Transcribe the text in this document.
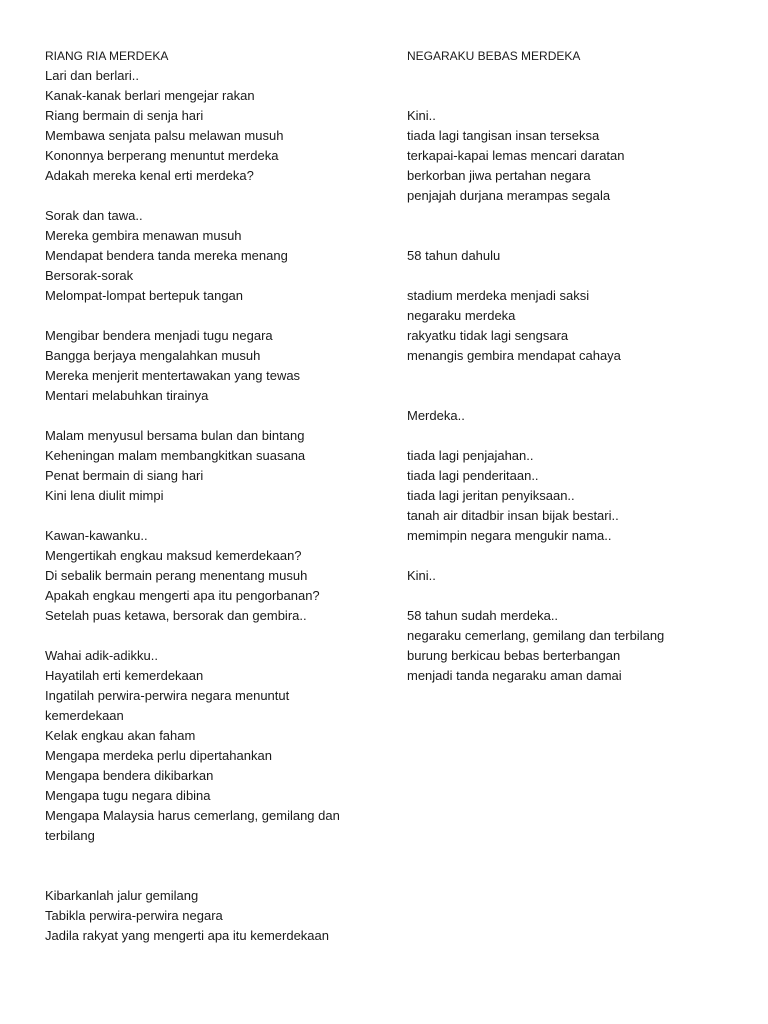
RIANG RIA MERDEKA
Lari dan berlari..
Kanak-kanak berlari mengejar rakan
Riang bermain di senja hari
Membawa senjata palsu melawan musuh
Kononnya berperang menuntut merdeka
Adakah mereka kenal erti merdeka?
Sorak dan tawa..
Mereka gembira menawan musuh
Mendapat bendera tanda mereka menang
Bersorak-sorak
Melompat-lompat bertepuk tangan
Mengibar bendera menjadi tugu negara
Bangga berjaya mengalahkan musuh
Mereka menjerit mentertawakan yang tewas
Mentari melabuhkan tirainya
Malam menyusul bersama bulan dan bintang
Keheningan malam membangkitkan suasana
Penat bermain di siang hari
Kini lena diulit mimpi
Kawan-kawanku..
Mengertikah engkau maksud kemerdekaan?
Di sebalik bermain perang menentang musuh
Apakah engkau mengerti apa itu pengorbanan?
Setelah puas ketawa, bersorak dan gembira..
Wahai adik-adikku..
Hayatilah erti kemerdekaan
Ingatilah perwira-perwira negara menuntut
kemerdekaan
Kelak engkau akan faham
Mengapa merdeka perlu dipertahankan
Mengapa bendera dikibarkan
Mengapa tugu negara dibina
Mengapa Malaysia harus cemerlang, gemilang dan
terbilang
Kibarkanlah jalur gemilang
Tabikla perwira-perwira negara
Jadila rakyat yang mengerti apa itu kemerdekaan
NEGARAKU BEBAS MERDEKA
Kini..
tiada lagi tangisan insan terseksa
terkapai-kapai lemas mencari daratan
berkorban jiwa pertahan negara
penjajah durjana merampas segala
58 tahun dahulu
stadium merdeka menjadi saksi
negaraku merdeka
rakyatku tidak lagi sengsara
menangis gembira mendapat cahaya
Merdeka..
tiada lagi penjajahan..
tiada lagi penderitaan..
tiada lagi jeritan penyiksaan..
tanah air ditadbir insan bijak bestari..
memimpin negara mengukir nama..
Kini..
58 tahun sudah merdeka..
negaraku cemerlang, gemilang dan terbilang
burung berkicau bebas berterbangan
menjadi tanda negaraku aman damai
